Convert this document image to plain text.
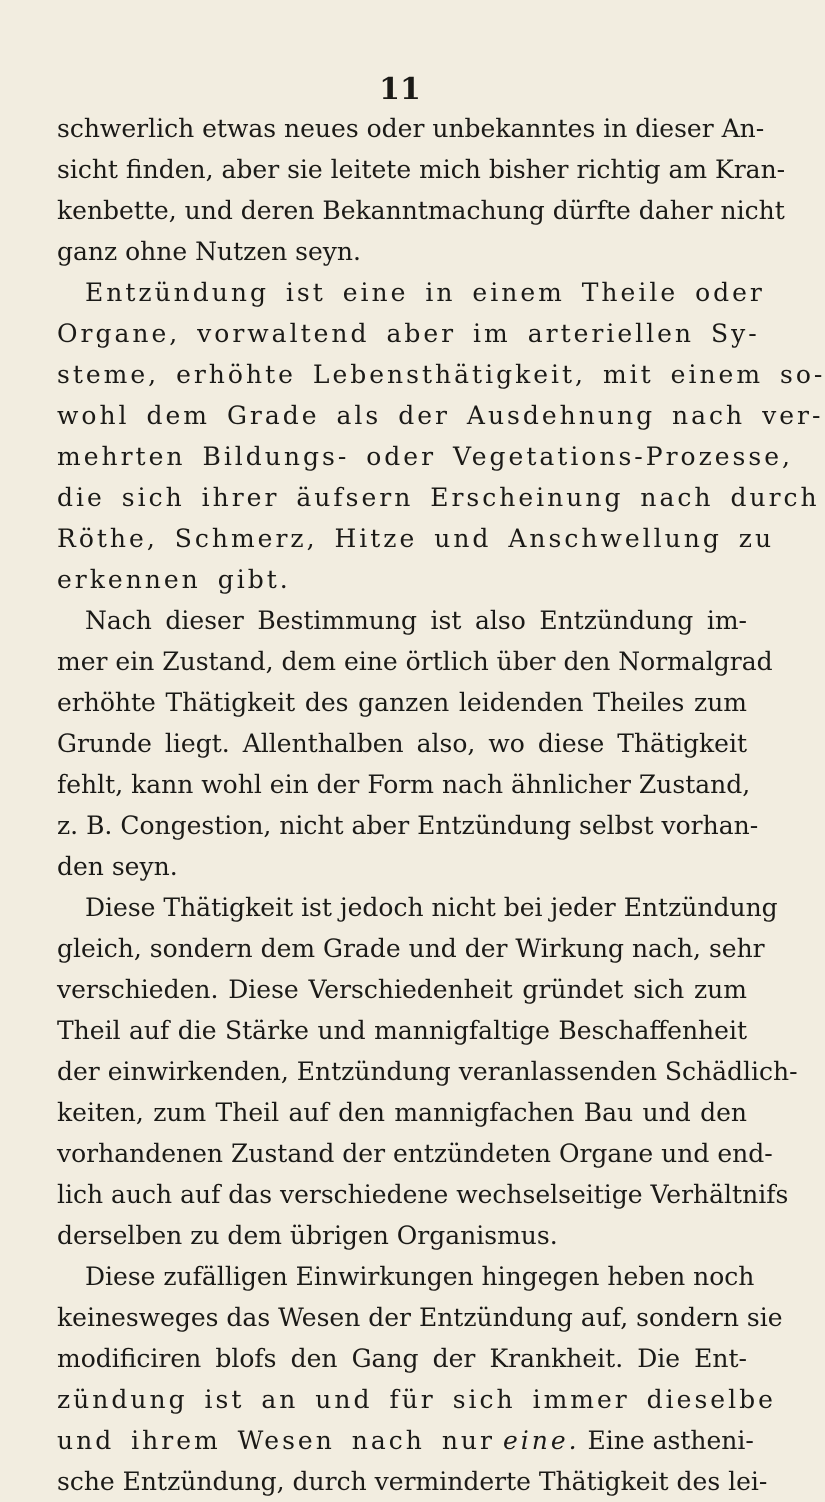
11
schwerlich etwas neues oder unbekanntes in dieser An-
sicht finden, aber sie leitete mich bisher richtig am Kran-
kenbette, und deren Bekanntmachung dürfte daher nicht
ganz ohne Nutzen seyn.
Entzündung ist eine in einem Theile oder
Organe, vorwaltend aber im arteriellen Sy-
steme, erhöhte Lebensthätigkeit, mit einem so-
wohl dem Grade als der Ausdehnung nach ver-
mehrten Bildungs- oder Vegetations-Prozesse,
die sich ihrer äufsern Erscheinung nach durch
Röthe, Schmerz, Hitze und Anschwellung zu
erkennen gibt.
Nach dieser Bestimmung ist also Entzündung im-
mer ein Zustand, dem eine örtlich über den Normalgrad
erhöhte Thätigkeit des ganzen leidenden Theiles zum
Grunde liegt. Allenthalben also, wo diese Thätigkeit
fehlt, kann wohl ein der Form nach ähnlicher Zustand,
z. B. Congestion, nicht aber Entzündung selbst vorhan-
den seyn.
Diese Thätigkeit ist jedoch nicht bei jeder Entzündung
gleich, sondern dem Grade und der Wirkung nach, sehr
verschieden. Diese Verschiedenheit gründet sich zum
Theil auf die Stärke und mannigfaltige Beschaffenheit
der einwirkenden, Entzündung veranlassenden Schädlich-
keiten, zum Theil auf den mannigfachen Bau und den
vorhandenen Zustand der entzündeten Organe und end-
lich auch auf das verschiedene wechselseitige Verhältnifs
derselben zu dem übrigen Organismus.
Diese zufälligen Einwirkungen hingegen heben noch
keinesweges das Wesen der Entzündung auf, sondern sie
modificiren blofs den Gang der Krankheit. Die Ent-
zündung ist an und für sich immer dieselbe
und ihrem Wesen nach nur eine. Eine astheni-
sche Entzündung, durch verminderte Thätigkeit des lei-
